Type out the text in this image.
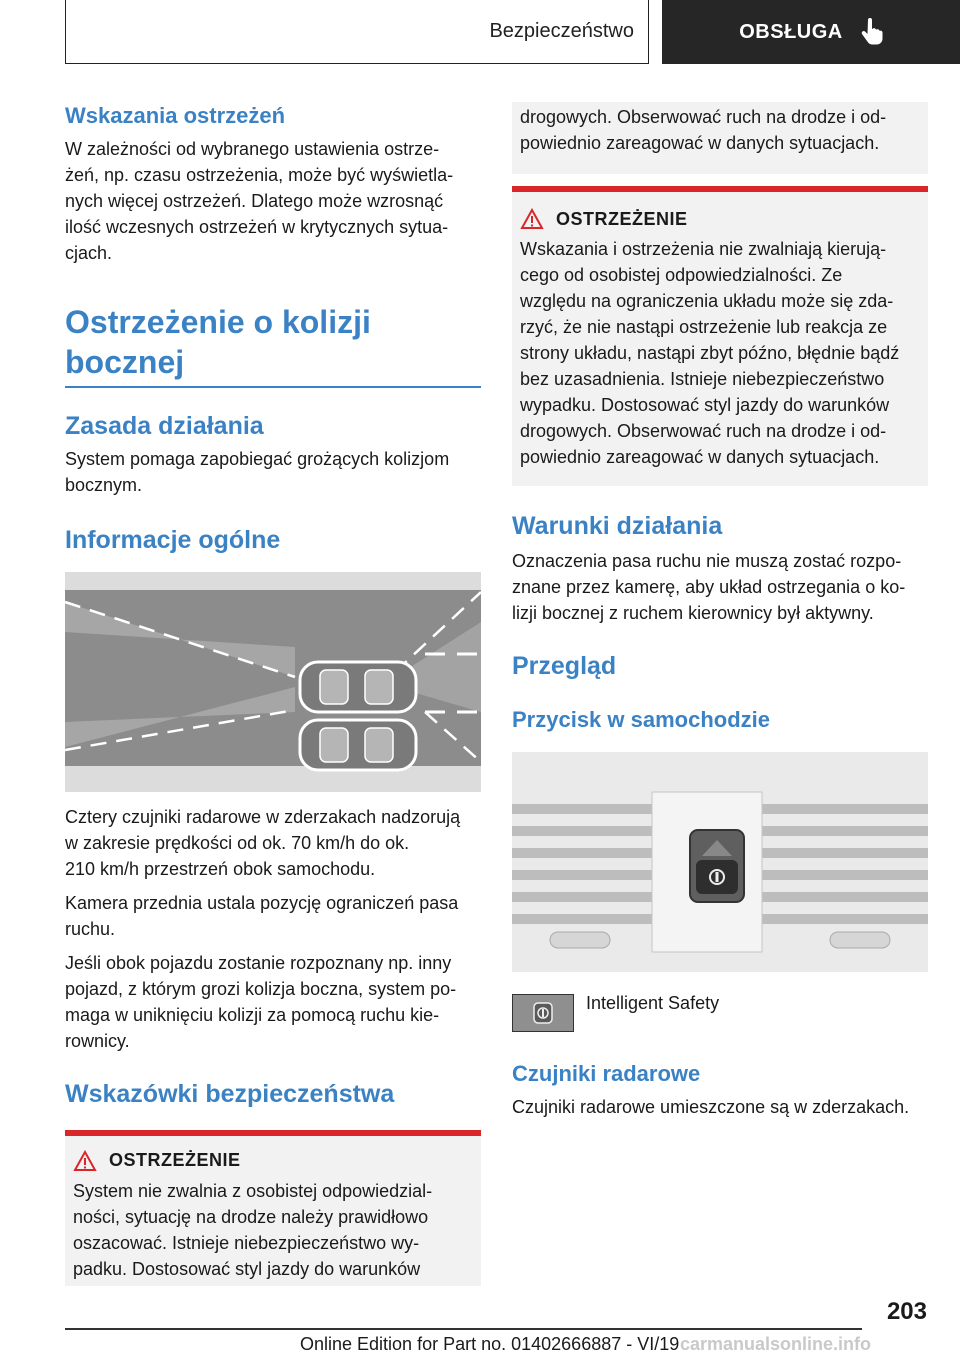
Bezpieczeństwo	OBSŁUGA
Wskazania ostrzeżeń

W zależności od wybranego ustawienia ostrze-
żeń, np. czasu ostrzeżenia, może być wyświetla-
nych więcej ostrzeżeń. Dlatego może wzrosnąć
ilość wczesnych ostrzeżeń w krytycznych sytua-
cjach.

Ostrzeżenie o kolizji
bocznej
Zasada działania

System pomaga zapobiegać grożących kolizjom
bocznym.

Informacje ogólne

Cztery czujniki radarowe w zderzakach nadzorują
w zakresie prędkości od ok. 70 km/h do ok.
210 km/h przestrzeń obok samochodu.

Kamera przednia ustala pozycję ograniczeń pasa
ruchu.

Jeśli obok pojazdu zostanie rozpoznany np. inny
pojazd, z którym grozi kolizja boczna, system po-
maga w uniknięciu kolizji za pomocą ruchu kie-
rownicy.

Wskazówki bezpieczeństwa
OSTRZEŻENIE

System nie zwalnia z osobistej odpowiedzial-
ności, sytuację na drodze należy prawidłowo
oszacować. Istnieje niebezpieczeństwo wy-
padku. Dostosować styl jazdy do warunków

drogowych. Obserwować ruch na drodze i od-
powiednio zareagować w danych sytuacjach.

OSTRZEŻENIE

Wskazania i ostrzeżenia nie zwalniają kierują-
cego od osobistej odpowiedzialności. Ze
względu na ograniczenia układu może się zda-
rzyć, że nie nastąpi ostrzeżenie lub reakcja ze
strony układu, nastąpi zbyt późno, błędnie bądź
bez uzasadnienia. Istnieje niebezpieczeństwo
wypadku. Dostosować styl jazdy do warunków
drogowych. Obserwować ruch na drodze i od-
powiednio zareagować w danych sytuacjach.

Warunki działania

Oznaczenia pasa ruchu nie muszą zostać rozpo-
znane przez kamerę, aby układ ostrzegania o ko-
lizji bocznej z ruchem kierownicy był aktywny.

Przegląd
Przycisk w samochodzie
Intelligent Safety
Czujniki radarowe

Czujniki radarowe umieszczone są w zderzakach.

203
Online Edition for Part no. 01402666887 - VI/19 carmanualsonline.info
